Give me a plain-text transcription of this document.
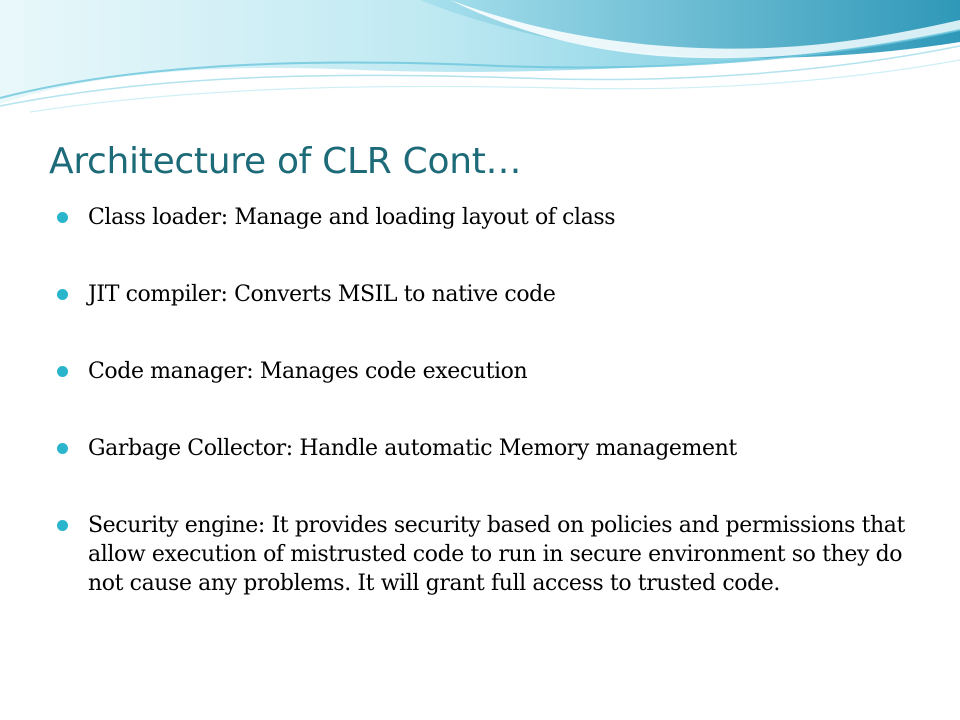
Architecture of CLR Cont…
Class loader: Manage and loading layout of class
JIT compiler: Converts MSIL to native code
Code manager: Manages code execution
Garbage Collector: Handle automatic Memory management
Security engine: It provides security based on policies and permissions that allow execution of mistrusted code to run in secure environment so they do not cause any problems. It will grant full access to trusted code.
